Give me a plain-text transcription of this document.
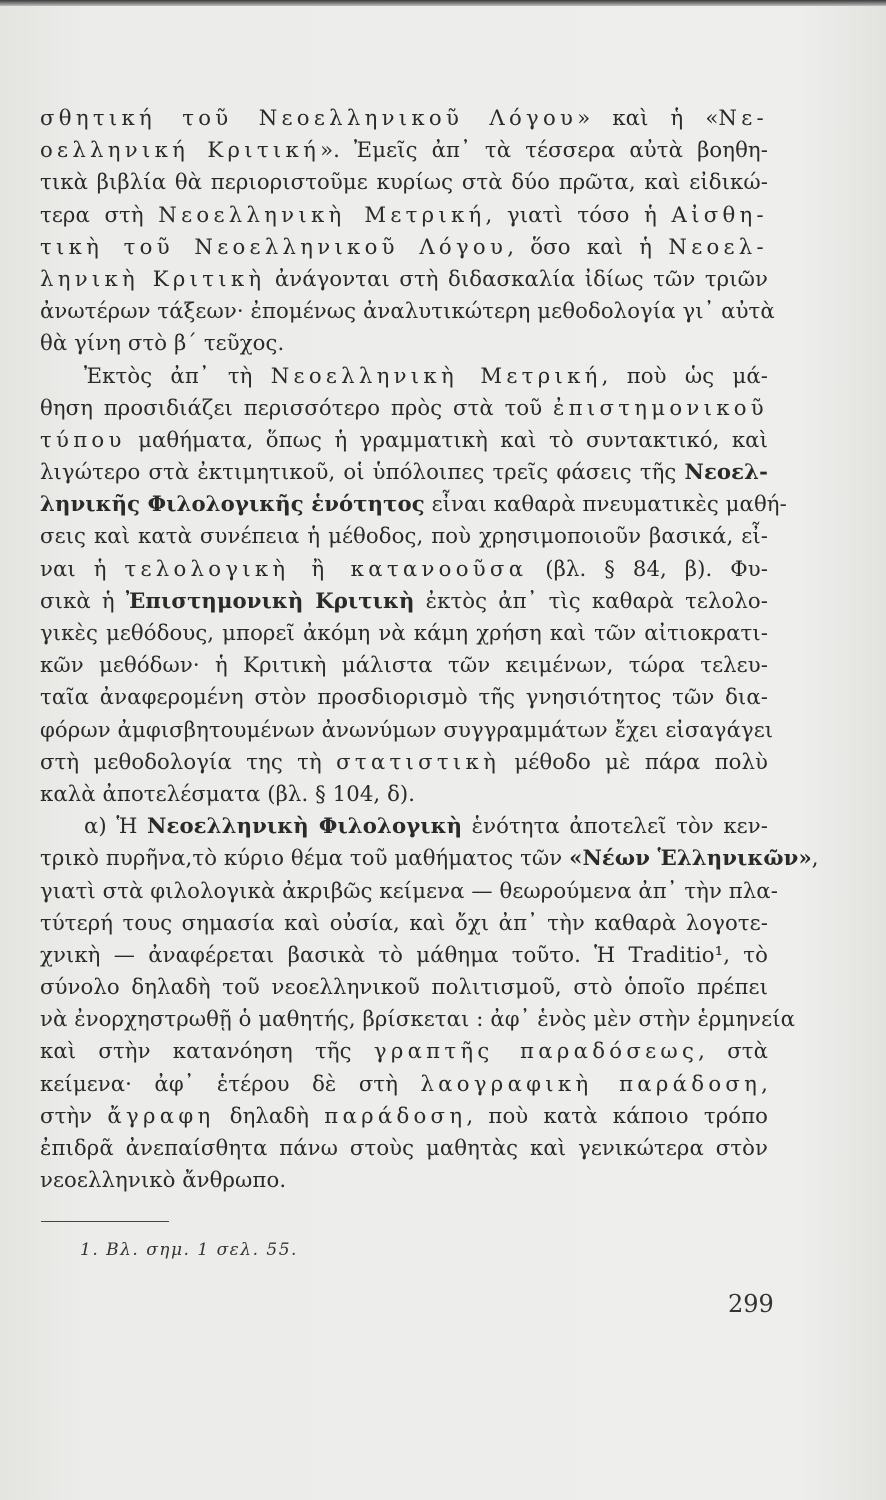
σθητική τοῦ Νεοελληνικοῦ Λόγου» καὶ ἡ «Νε-
οελληνική Κριτική». Ἐμεῖς ἀπ᾽ τὰ τέσσερα αὐτὰ βοηθη-
τικὰ βιβλία θὰ περιοριστοῦμε κυρίως στὰ δύο πρῶτα, καὶ εἰδικώ-
τερα στὴ Νεοελληνικὴ Μετρική, γιατὶ τόσο ἡ Αἰσθη-
τικὴ τοῦ Νεοελληνικοῦ Λόγου, ὅσο καὶ ἡ Νεοελ-
ληνικὴ Κριτικὴ ἀνάγονται στὴ διδασκαλία ἰδίως τῶν τριῶν
ἀνωτέρων τάξεων· ἐπομένως ἀναλυτικώτερη μεθοδολογία γι᾽ αὐτὰ
θὰ γίνη στὸ β΄ τεῦχος.
Ἐκτὸς ἀπ᾽ τὴ Νεοελληνικὴ Μετρική, ποὺ ὡς μά-
θηση προσιδιάζει περισσότερο πρὸς στὰ τοῦ ἐπιστημονικοῦ
τύπου μαθήματα, ὅπως ἡ γραμματικὴ καὶ τὸ συντακτικό, καὶ
λιγώτερο στὰ ἐκτιμητικοῦ, οἱ ὑπόλοιπες τρεῖς φάσεις τῆς Νεοελ-
ληνικῆς Φιλολογικῆς ἑνότητος εἶναι καθαρὰ πνευματικὲς μαθή-
σεις καὶ κατὰ συνέπεια ἡ μέθοδος, ποὺ χρησιμοποιοῦν βασικά, εἶ-
ναι ἡ τελολογικὴ ἢ κατανοοῦσα (βλ. § 84, β). Φυ-
σικὰ ἡ Ἐπιστημονικὴ Κριτικὴ ἐκτὸς ἀπ᾽ τὶς καθαρὰ τελολο-
γικὲς μεθόδους, μπορεῖ ἀκόμη νὰ κάμη χρήση καὶ τῶν αἰτιοκρατι-
κῶν μεθόδων· ἡ Κριτικὴ μάλιστα τῶν κειμένων, τώρα τελευ-
ταῖα ἀναφερομένη στὸν προσδιορισμὸ τῆς γνησιότητος τῶν δια-
φόρων ἀμφισβητουμένων ἀνωνύμων συγγραμμάτων ἔχει εἰσαγάγει
στὴ μεθοδολογία της τὴ στατιστικὴ μέθοδο μὲ πάρα πολὺ
καλὰ ἀποτελέσματα (βλ. § 104, δ).
α) Ἡ Νεοελληνικὴ Φιλολογικὴ ἑνότητα ἀποτελεῖ τὸν κεν-
τρικὸ πυρῆνα,τὸ κύριο θέμα τοῦ μαθήματος τῶν «Νέων Ἑλληνικῶν»,
γιατὶ στὰ φιλολογικὰ ἀκριβῶς κείμενα — θεωρούμενα ἀπ᾽ τὴν πλα-
τύτερή τους σημασία καὶ οὐσία, καὶ ὄχι ἀπ᾽ τὴν καθαρὰ λογοτε-
χνικὴ — ἀναφέρεται βασικὰ τὸ μάθημα τοῦτο. Ἡ Traditio¹, τὸ
σύνολο δηλαδὴ τοῦ νεοελληνικοῦ πολιτισμοῦ, στὸ ὁποῖο πρέπει
νὰ ἐνορχηστρωθῇ ὁ μαθητής, βρίσκεται : ἀφ᾽ ἑνὸς μὲν στὴν ἑρμηνεία
καὶ στὴν κατανόηση τῆς γραπτῆς παραδόσεως, στὰ
κείμενα· ἀφ᾽ ἑτέρου δὲ στὴ λαογραφικὴ παράδοση,
στὴν ἄγραφη δηλαδὴ παράδοση, ποὺ κατὰ κάποιο τρόπο
ἐπιδρᾶ ἀνεπαίσθητα πάνω στοὺς μαθητὰς καὶ γενικώτερα στὸν
νεοελληνικὸ ἄνθρωπο.
1. Βλ. σημ. 1 σελ. 55.
299
